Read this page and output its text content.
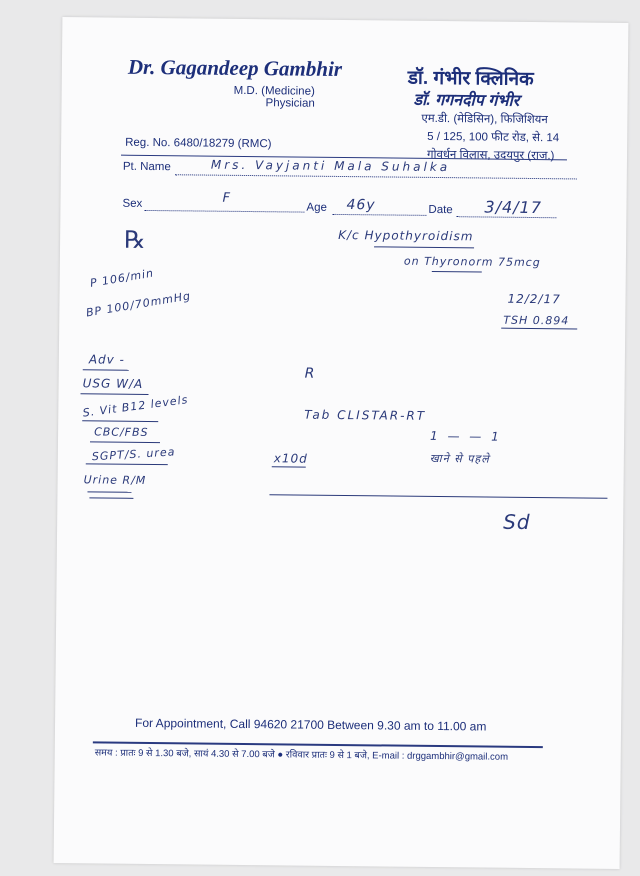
Dr. Gagandeep Gambhir
M.D. (Medicine)
Physician
डॉ. गंभीर क्लिनिक
डॉ. गगनदीप गंभीर
एम.डी. (मेडिसिन), फिजिशियन
5 / 125, 100 फीट रोड, से. 14
गोवर्धन विलास, उदयपुर (राज.)
Reg. No. 6480/18279 (RMC)
Pt. Name	Mrs. Vayjanti Mala Suhalka
Sex	F
Age 46y	Date 3/4/17
℞	K/c Hypothyroidism
on Thyronorm 75mcg
P 106/min
BP 100/70mmHg	12/2/17
TSH 0.894
Adv -
USG W/A
S. Vit B12 levels
CBC/FBS
SGPT/S. urea
Urine R/M
R
Tab CLISTAR-RT
1 — — 1
x10d	खाने से पहले
Sd
For Appointment, Call 94620 21700 Between 9.30 am to 11.00 am
समय : प्रातः 9 से 1.30 बजे, सायं 4.30 से 7.00 बजे ● रविवार प्रातः 9 से 1 बजे, E-mail : drggambhir@gmail.com
